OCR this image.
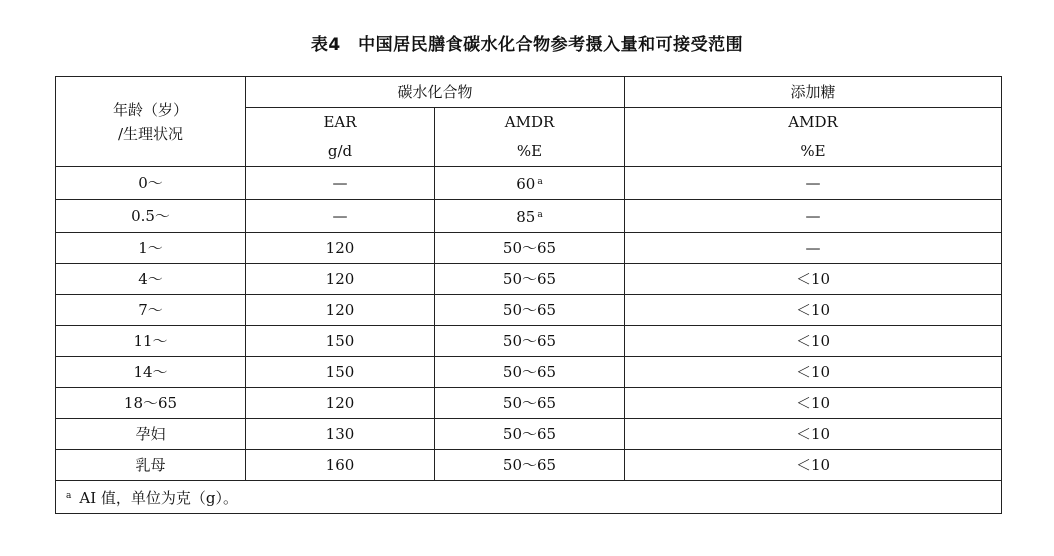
表4　中国居民膳食碳水化合物参考摄入量和可接受范围
年龄（岁）
/生理状况	碳水化合物		添加糖
	EAR	AMDR	AMDR
	g/d	%E	%E
0～	—	60 $^a$	—
0.5～	—	85 $^a$	—
1～	120	50～65	—
4～	120	50～65	＜10
7～	120	50～65	＜10
11～	150	50～65	＜10
14～	150	50～65	＜10
18～65	120	50～65	＜10
孕妇	130	50～65	＜10
乳母	160	50～65	＜10
$^a$ AI 值，单位为克（g）。			
